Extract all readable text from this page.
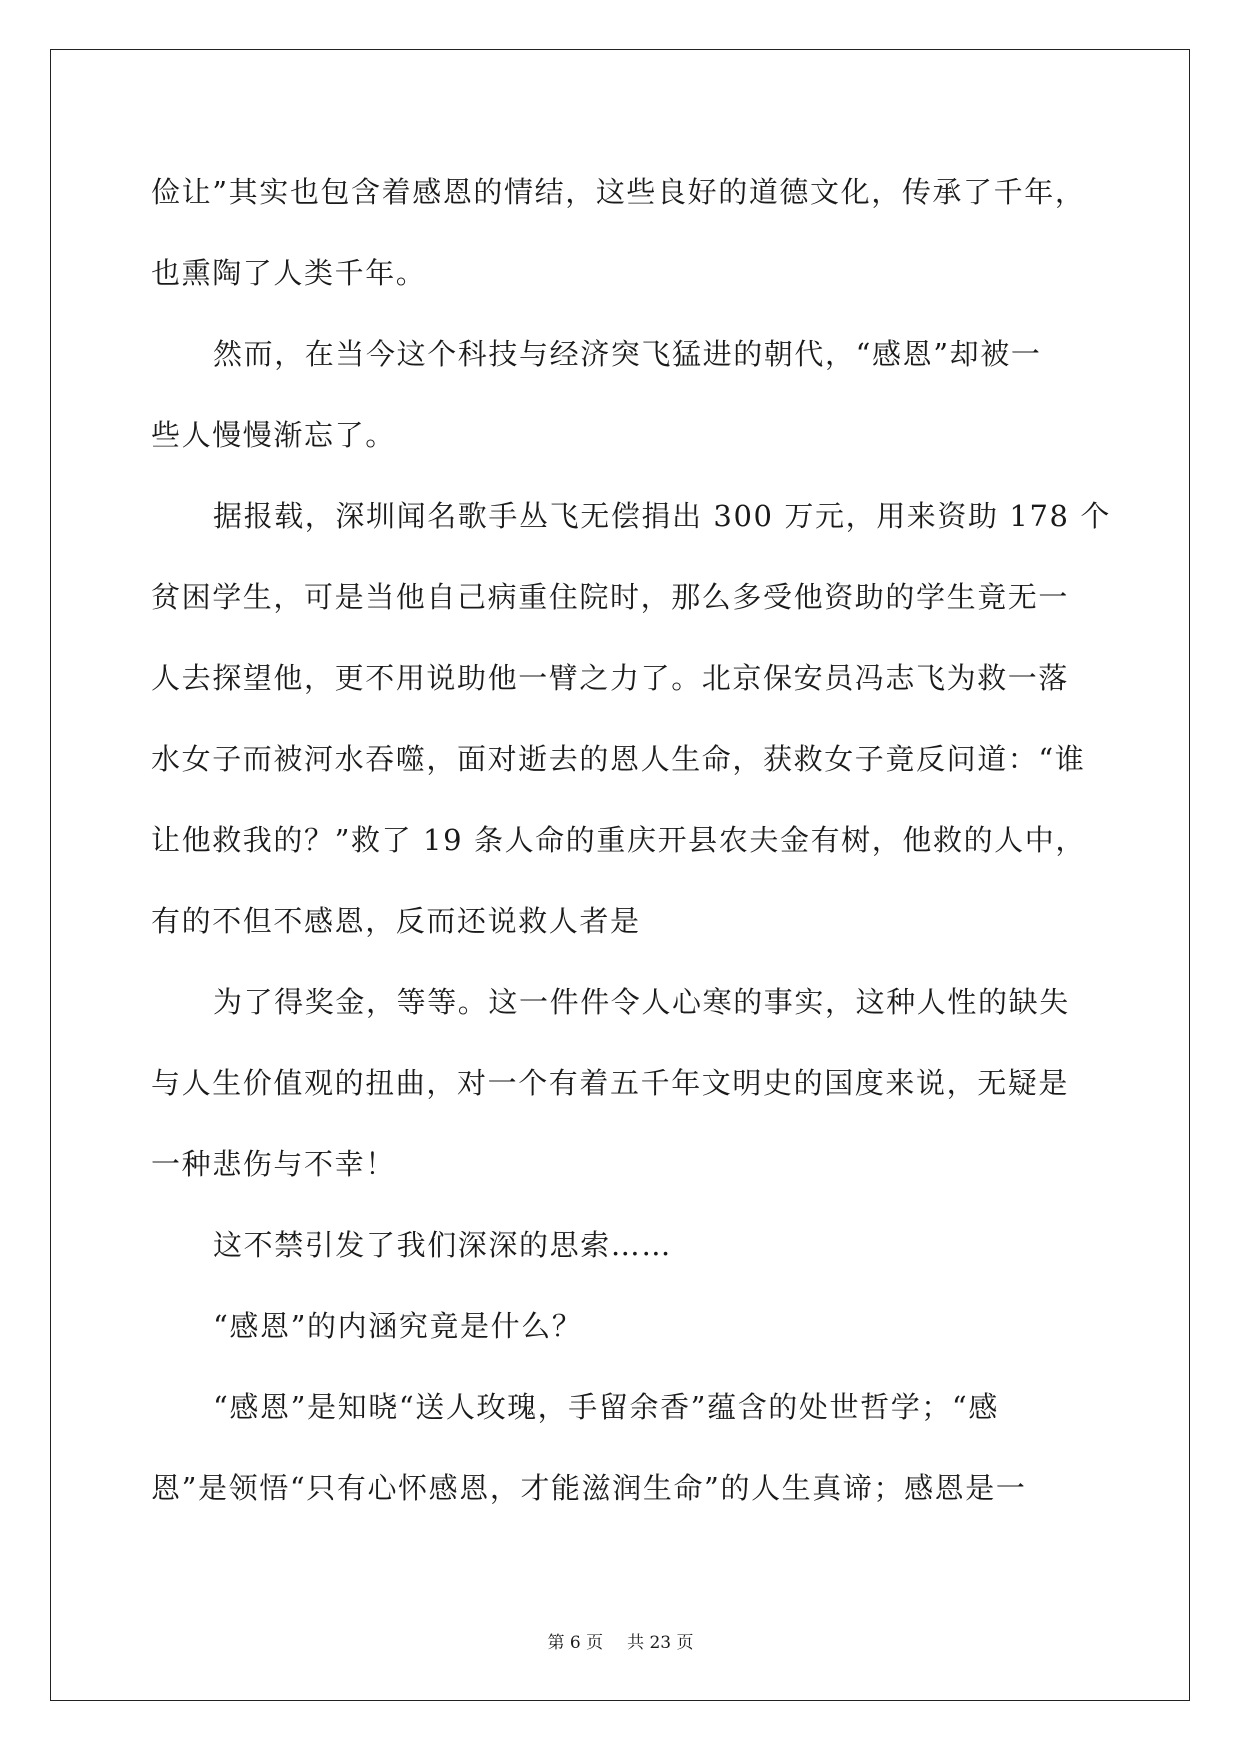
俭让”其实也包含着感恩的情结，这些良好的道德文化，传承了千年，
也熏陶了人类千年。
然而，在当今这个科技与经济突飞猛进的朝代，“感恩”却被一
些人慢慢渐忘了。
据报载，深圳闻名歌手丛飞无偿捐出 300 万元，用来资助 178 个
贫困学生，可是当他自己病重住院时，那么多受他资助的学生竟无一
人去探望他，更不用说助他一臂之力了。北京保安员冯志飞为救一落
水女子而被河水吞噬，面对逝去的恩人生命，获救女子竟反问道：“谁
让他救我的？”救了 19 条人命的重庆开县农夫金有树，他救的人中，
有的不但不感恩，反而还说救人者是
为了得奖金，等等。这一件件令人心寒的事实，这种人性的缺失
与人生价值观的扭曲，对一个有着五千年文明史的国度来说，无疑是
一种悲伤与不幸！
这不禁引发了我们深深的思索……
“感恩”的内涵究竟是什么？
“感恩”是知晓“送人玫瑰，手留余香”蕴含的处世哲学；“感
恩”是领悟“只有心怀感恩，才能滋润生命”的人生真谛；感恩是一
第 6 页 共 23 页
